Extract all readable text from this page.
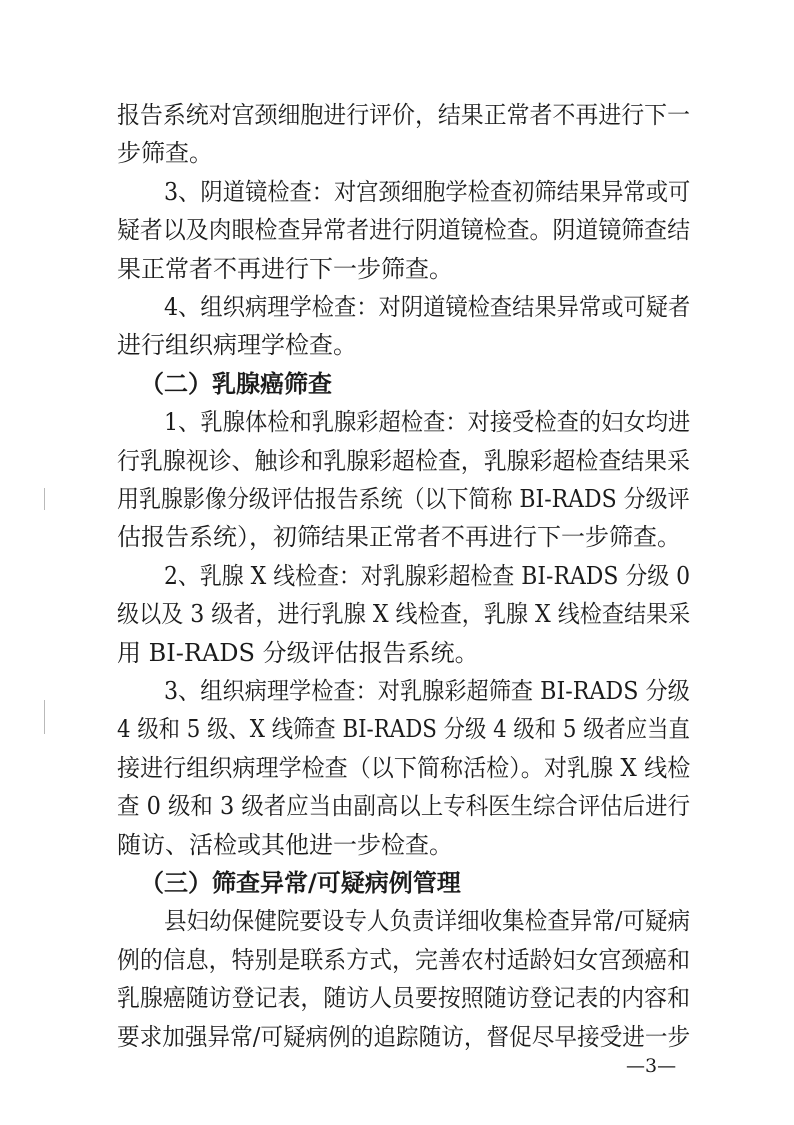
报告系统对宫颈细胞进行评价，结果正常者不再进行下一
步筛查。
3、阴道镜检查：对宫颈细胞学检查初筛结果异常或可
疑者以及肉眼检查异常者进行阴道镜检查。阴道镜筛查结
果正常者不再进行下一步筛查。
4、组织病理学检查：对阴道镜检查结果异常或可疑者
进行组织病理学检查。
（二）乳腺癌筛查
1、乳腺体检和乳腺彩超检查：对接受检查的妇女均进
行乳腺视诊、触诊和乳腺彩超检查，乳腺彩超检查结果采
用乳腺影像分级评估报告系统（以下简称 BI-RADS 分级评
估报告系统），初筛结果正常者不再进行下一步筛查。
2、乳腺 X 线检查：对乳腺彩超检查 BI-RADS 分级 0
级以及 3 级者，进行乳腺 X 线检查，乳腺 X 线检查结果采
用 BI-RADS 分级评估报告系统。
3、组织病理学检查：对乳腺彩超筛查 BI-RADS 分级
4 级和 5 级、X 线筛查 BI-RADS 分级 4 级和 5 级者应当直
接进行组织病理学检查（以下简称活检）。对乳腺 X 线检
查 0 级和 3 级者应当由副高以上专科医生综合评估后进行
随访、活检或其他进一步检查。
（三）筛查异常/可疑病例管理
县妇幼保健院要设专人负责详细收集检查异常/可疑病
例的信息，特别是联系方式，完善农村适龄妇女宫颈癌和
乳腺癌随访登记表，随访人员要按照随访登记表的内容和
要求加强异常/可疑病例的追踪随访，督促尽早接受进一步
—3—
